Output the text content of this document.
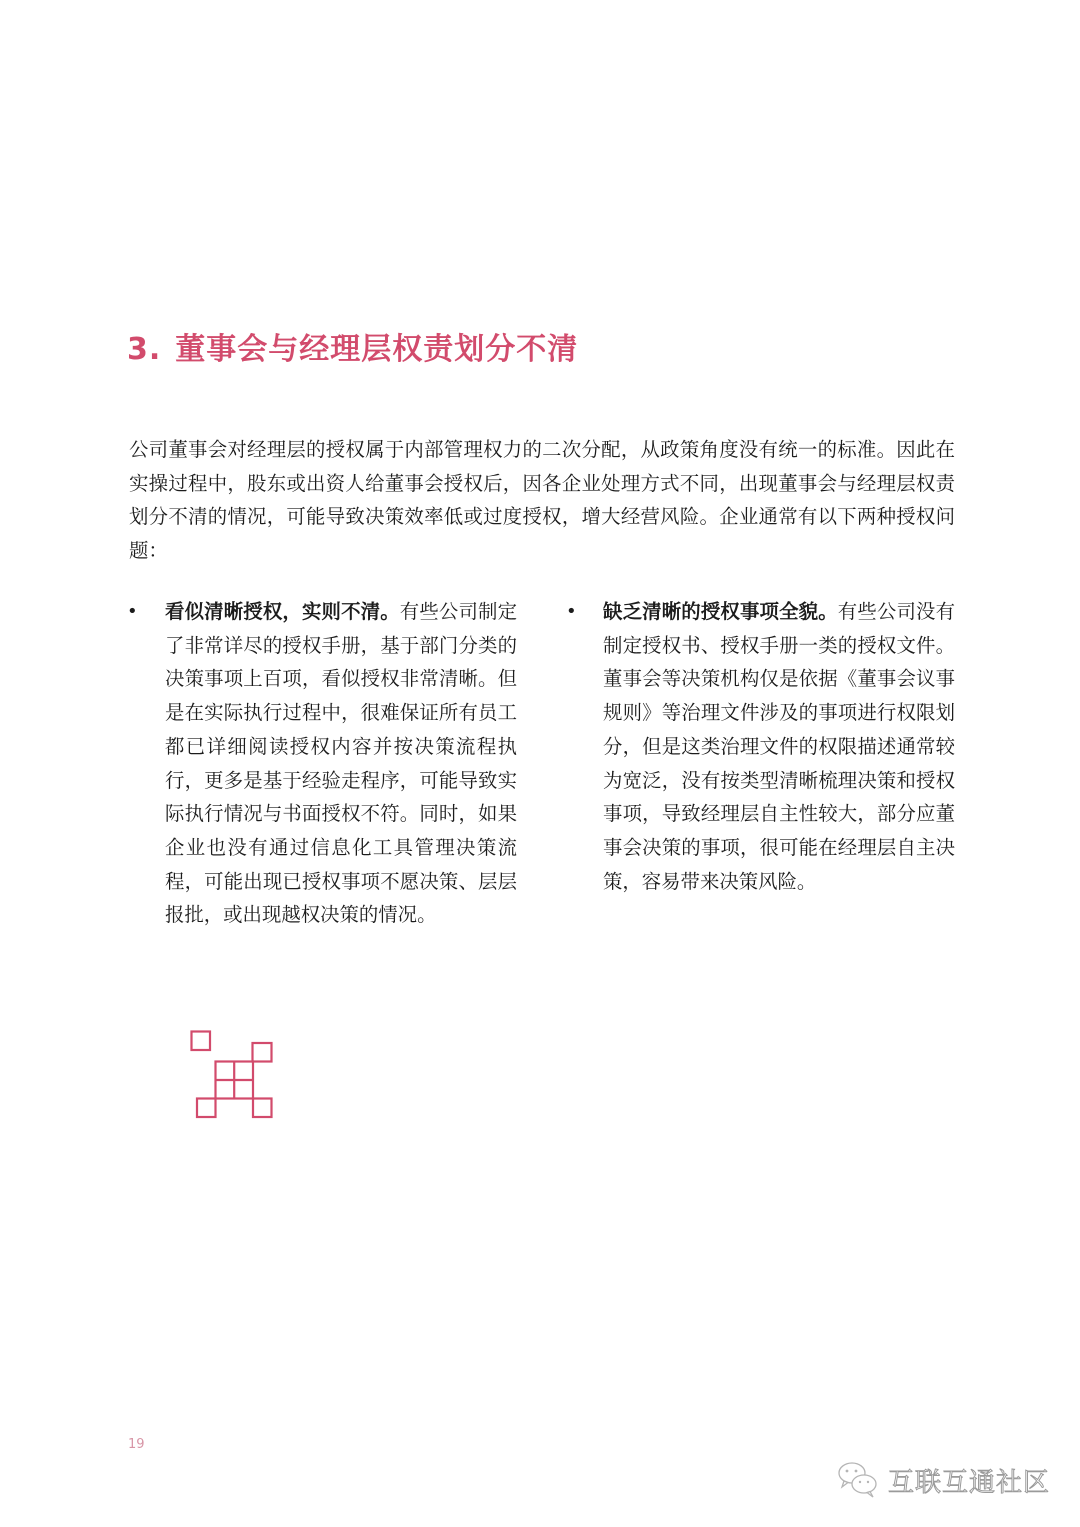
3. 董事会与经理层权责划分不清

公司董事会对经理层的授权属于内部管理权力的二次分配，从政策角度没有统一的标准。因此在实操过程中，股东或出资人给董事会授权后，因各企业处理方式不同，出现董事会与经理层权责划分不清的情况，可能导致决策效率低或过度授权，增大经营风险。企业通常有以下两种授权问题：

• 看似清晰授权，实则不清。有些公司制定了非常详尽的授权手册，基于部门分类的决策事项上百项，看似授权非常清晰。但是在实际执行过程中，很难保证所有员工都已详细阅读授权内容并按决策流程执行，更多是基于经验走程序，可能导致实际执行情况与书面授权不符。同时，如果企业也没有通过信息化工具管理决策流程，可能出现已授权事项不愿决策、层层报批，或出现越权决策的情况。
• 缺乏清晰的授权事项全貌。有些公司没有制定授权书、授权手册一类的授权文件。董事会等决策机构仅是依据《董事会议事规则》等治理文件涉及的事项进行权限划分，但是这类治理文件的权限描述通常较为宽泛，没有按类型清晰梳理决策和授权事项，导致经理层自主性较大，部分应董事会决策的事项，很可能在经理层自主决策，容易带来决策风险。
19
互联互通社区
